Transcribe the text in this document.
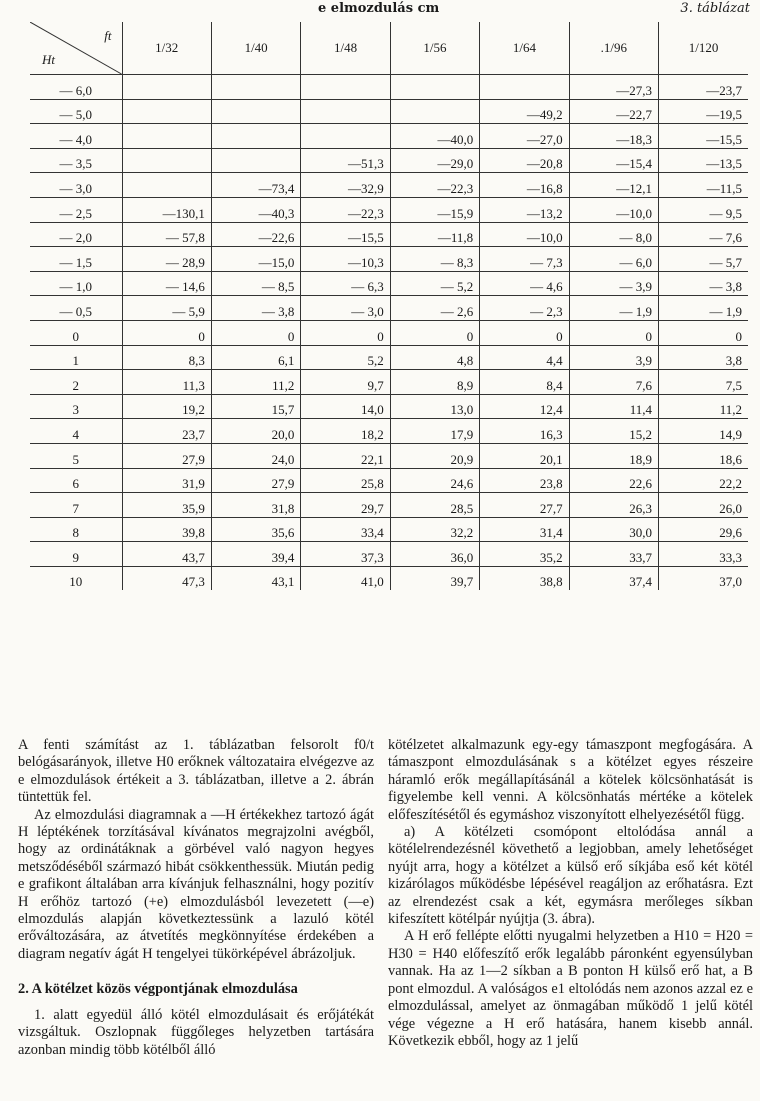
e elmozdulás cm	3. táblázat
ft
Ht	1/32	1/40	1/48	1/56	1/64	.1/96	1/120
— 6,0						—27,3	—23,7
— 5,0					—49,2	—22,7	—19,5
— 4,0				—40,0	—27,0	—18,3	—15,5
— 3,5			—51,3	—29,0	—20,8	—15,4	—13,5
— 3,0		—73,4	—32,9	—22,3	—16,8	—12,1	—11,5
— 2,5	—130,1	—40,3	—22,3	—15,9	—13,2	—10,0	— 9,5
— 2,0	— 57,8	—22,6	—15,5	—11,8	—10,0	— 8,0	— 7,6
— 1,5	— 28,9	—15,0	—10,3	— 8,3	— 7,3	— 6,0	— 5,7
— 1,0	— 14,6	— 8,5	— 6,3	— 5,2	— 4,6	— 3,9	— 3,8
— 0,5	— 5,9	— 3,8	— 3,0	— 2,6	— 2,3	— 1,9	— 1,9
0	0	0	0	0	0	0	0
1	8,3	6,1	5,2	4,8	4,4	3,9	3,8
2	11,3	11,2	9,7	8,9	8,4	7,6	7,5
3	19,2	15,7	14,0	13,0	12,4	11,4	11,2
4	23,7	20,0	18,2	17,9	16,3	15,2	14,9
5	27,9	24,0	22,1	20,9	20,1	18,9	18,6
6	31,9	27,9	25,8	24,6	23,8	22,6	22,2
7	35,9	31,8	29,7	28,5	27,7	26,3	26,0
8	39,8	35,6	33,4	32,2	31,4	30,0	29,6
9	43,7	39,4	37,3	36,0	35,2	33,7	33,3
10	47,3	43,1	41,0	39,7	38,8	37,4	37,0

A fenti számítást az 1. táblázatban felsorolt f0/t belógásarányok, illetve H0 erőknek változataira elvégezve az e elmozdulások értékeit a 3. táblázatban, illetve a 2. ábrán tüntettük fel.

Az elmozdulási diagramnak a —H értékekhez tartozó ágát H léptékének torzításával kívánatos megrajzolni avégből, hogy az ordinátáknak a görbével való nagyon hegyes metsződéséből származó hibát csökkenthessük. Miután pedig e grafikont általában arra kívánjuk felhasználni, hogy pozitív H erőhöz tartozó (+e) elmozdulásból levezetett (—e) elmozdulás alapján következtessünk a lazuló kötél erőváltozására, az átvetítés megkönnyítése érdekében a diagram negatív ágát H tengelyei tükörképével ábrázoljuk.

2. A kötélzet közös végpontjának elmozdulása

1. alatt egyedül álló kötél elmozdulásait és erőjátékát vizsgáltuk. Oszlopnak függőleges helyzetben tartására azonban mindig több kötélből álló

kötélzetet alkalmazunk egy-egy támaszpont megfogására. A támaszpont elmozdulásának s a kötélzet egyes részeire háramló erők megállapításánál a kötelek kölcsönhatását is figyelembe kell venni. A kölcsönhatás mértéke a kötelek előfeszítésétől és egymáshoz viszonyított elhelyezésétől függ.

a) A kötélzeti csomópont eltolódása annál a kötélelrendezésnél követhető a legjobban, amely lehetőséget nyújt arra, hogy a kötélzet a külső erő síkjába eső két kötél kizárólagos működésbe lépésével reagáljon az erőhatásra. Ezt az elrendezést csak a két, egymásra merőleges síkban kifeszített kötélpár nyújtja (3. ábra).

A H erő fellépte előtti nyugalmi helyzetben a H10 = H20 = H30 = H40 előfeszítő erők legalább páronként egyensúlyban vannak. Ha az 1—2 síkban a B ponton H külső erő hat, a B pont elmozdul. A valóságos e1 eltolódás nem azonos azzal ez e elmozdulással, amelyet az önmagában működő 1 jelű kötél vége végezne a H erő hatására, hanem kisebb annál. Következik ebből, hogy az 1 jelű
